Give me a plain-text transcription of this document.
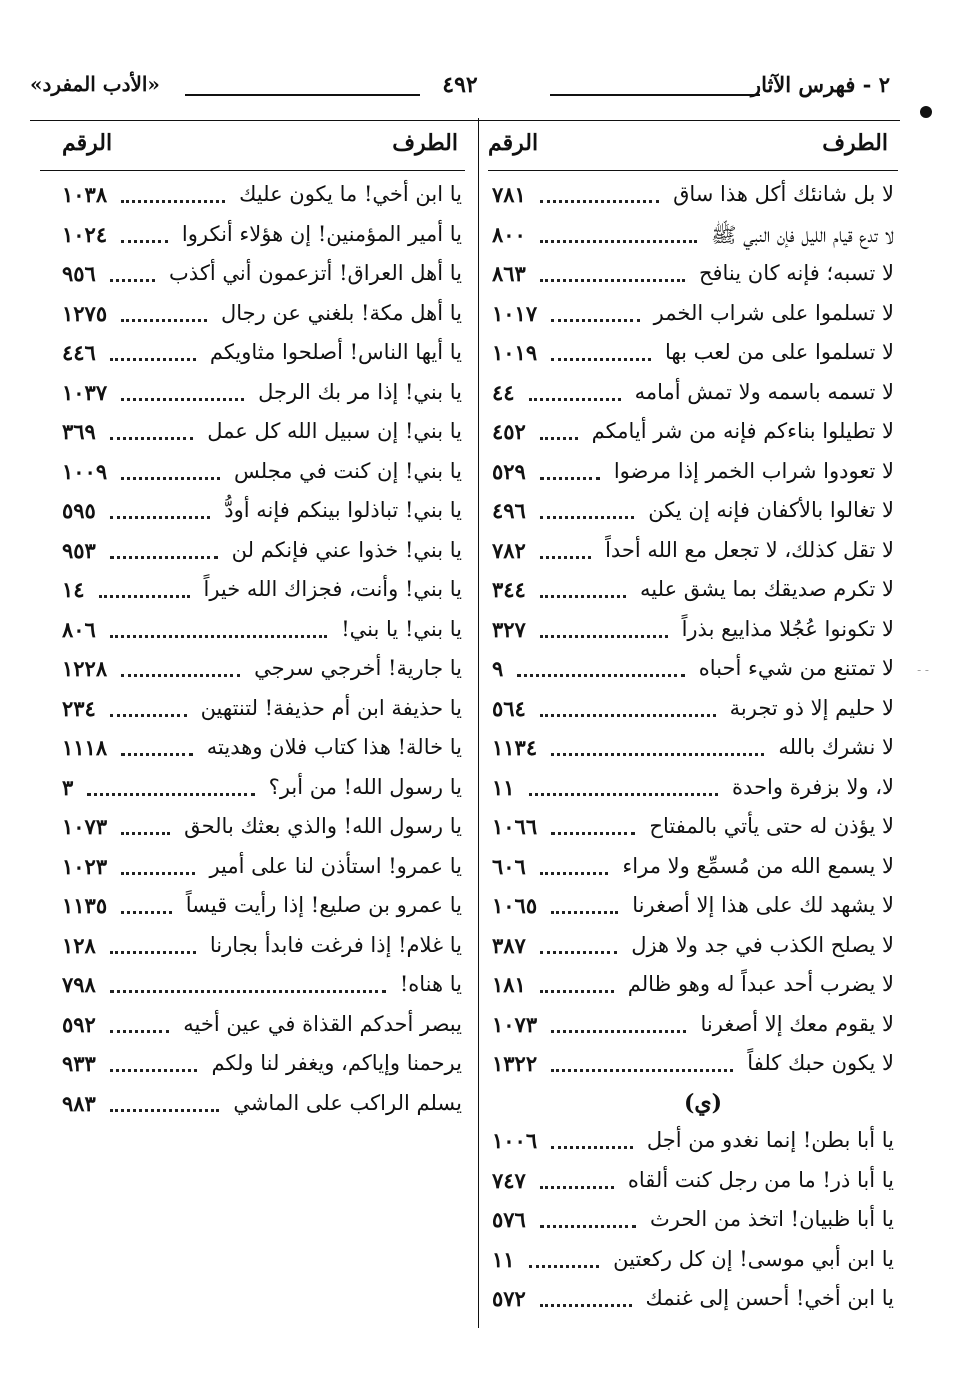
٢ - فهرس الآثار
٤٩٢
«الأدب المفرد»
الطرف
الرقم
الطرف
الرقم
لا بل شانئك أكل هذا ساق
٧٨١
لا تدع قيام الليل فإن النبي ﷺ
٨٠٠
لا تسبه؛ فإنه كان ينافح
٨٦٣
لا تسلموا على شراب الخمر
١٠١٧
لا تسلموا على من لعب بها
١٠١٩
لا تسمه باسمه ولا تمش أمامه
٤٤
لا تطيلوا بناءكم فإنه من شر أيامكم
٤٥٢
لا تعودوا شراب الخمر إذا مرضوا
٥٢٩
لا تغالوا بالأكفان فإنه إن يكن
٤٩٦
لا تقل كذلك، لا تجعل مع الله أحداً
٧٨٢
لا تكرم صديقك بما يشق عليه
٣٤٤
لا تكونوا عُجُلا مذاييع بذراً
٣٢٧
لا تمتنع من شيء أحباه
٩
لا حليم إلا ذو تجربة
٥٦٤
لا نشرك بالله
١١٣٤
لا، ولا بزفرة واحدة
١١
لا يؤذن له حتى يأتي بالمفتاح
١٠٦٦
لا يسمع الله من مُسمِّع ولا مراء
٦٠٦
لا يشهد لك على هذا إلا أصغرنا
١٠٦٥
لا يصلح الكذب في جد ولا هزل
٣٨٧
لا يضرب أحد عبداً له وهو ظالم
١٨١
لا يقوم معك إلا أصغرنا
١٠٧٣
لا يكون حبك كلفاً
١٣٢٢
(ي)
يا أبا بطن! إنما نغدو من أجل
١٠٠٦
يا أبا ذر! ما من رجل كنت ألقاه
٧٤٧
يا أبا ظبيان! اتخذ من الحرث
٥٧٦
يا ابن أبي موسى! إن كل ركعتين
١١
يا ابن أخي! أحسن إلى غنمك
٥٧٢
يا ابن أخي! ما يكون عليك
١٠٣٨
يا أمير المؤمنين! إن هؤلاء أنكروا
١٠٢٤
يا أهل العراق! أتزعمون أني أكذب
٩٥٦
يا أهل مكة! بلغني عن رجال
١٢٧٥
يا أيها الناس! أصلحوا مثاويكم
٤٤٦
يا بني! إذا مر بك الرجل
١٠٣٧
يا بني! إن سبيل الله كل عمل
٣٦٩
يا بني! إن كنت في مجلس
١٠٠٩
يا بني! تباذلوا بينكم فإنه أودُّ
٥٩٥
يا بني! خذوا عني فإنكم لن
٩٥٣
يا بني! وأنت، فجزاك الله خيراً
١٤
يا بني! يا بني!
٨٠٦
يا جارية! أخرجي سرجي
١٢٢٨
يا حذيفة ابن أم حذيفة! لتنتهين
٢٣٤
يا خالة! هذا كتاب فلان وهديته
١١١٨
يا رسول الله! من أبر؟
٣
يا رسول الله! والذي بعثك بالحق
١٠٧٣
يا عمرو! استأذن لنا على أمير
١٠٢٣
يا عمرو بن صليع! إذا رأيت قيساً
١١٣٥
يا غلام! إذا فرغت فابدأ بجارنا
١٢٨
يا هناه!
٧٩٨
يبصر أحدكم القذاة في عين أخيه
٥٩٢
يرحمنا وإياكم، ويغفر لنا ولكم
٩٣٣
يسلم الراكب على الماشي
٩٨٣
- -
